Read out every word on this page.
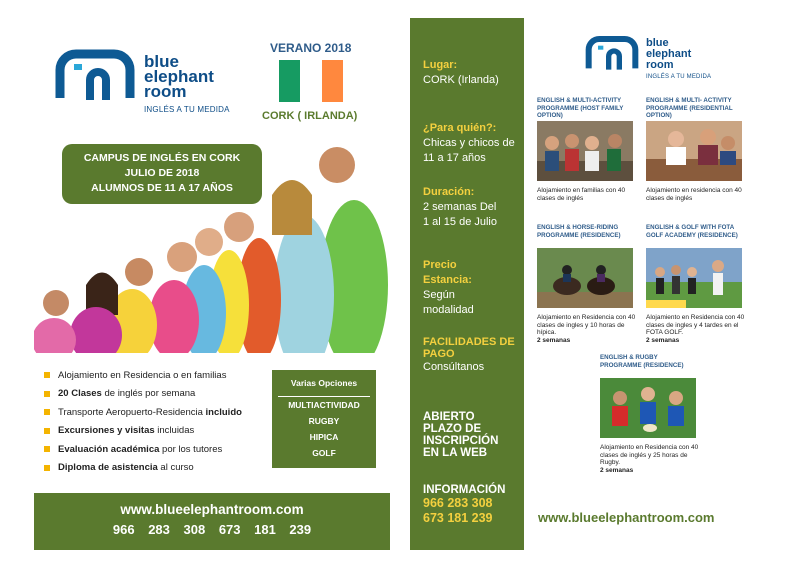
blue
elephant
room
INGLÉS A TU MEDIDA
VERANO 2018
CORK ( IRLANDA)
CAMPUS DE INGLÉS EN CORK
JULIO DE 2018
ALUMNOS DE 11 A 17 AÑOS
Alojamiento en Residencia o en familias
20 Clases de inglés por semana
Transporte Aeropuerto-Residencia incluido
Excursiones y visitas incluidas
Evaluación académica por los tutores
Diploma de asistencia al curso
Varias Opciones
MULTIACTIVIDAD
RUGBY
HIPICA
GOLF
www.blueelephantroom.com
966 283 308 673 181 239
Lugar:
CORK (Irlanda)
¿Para quién?:
Chicas y chicos de 11 a 17 años
Duración:
2 semanas Del 1 al 15 de Julio
Precio Estancia:
Según modalidad
FACILIDADES DE PAGO
Consúltanos
ABIERTO PLAZO DE INSCRIPCIÓN EN LA WEB
INFORMACIÓN
966 283 308
673 181 239
blue
elephant
room
INGLÉS A TU MEDIDA
ENGLISH & MULTI-ACTIVITY PROGRAMME (HOST FAMILY OPTION)
Alojamiento en familias con 40 clases de inglés
ENGLISH & MULTI- ACTIVITY PROGRAMME (RESIDENTIAL OPTION)
Alojamiento en residencia con 40 clases de inglés
ENGLISH & HORSE-RIDING PROGRAMME (RESIDENCE)
Alojamiento en Residencia con 40 clases de ingles y 10 horas de hípica.
2 semanas
ENGLISH & GOLF WITH FOTA GOLF ACADEMY (RESIDENCE)
Alojamiento en Residencia con 40 clases de ingles y 4 tardes en el FOTA GOLF.
2 semanas
ENGLISH & RUGBY PROGRAMME (RESIDENCE)
Alojamiento en Residencia con 40 clases de inglés y 25 horas de Rugby.
2 semanas
www.blueelephantroom.com
